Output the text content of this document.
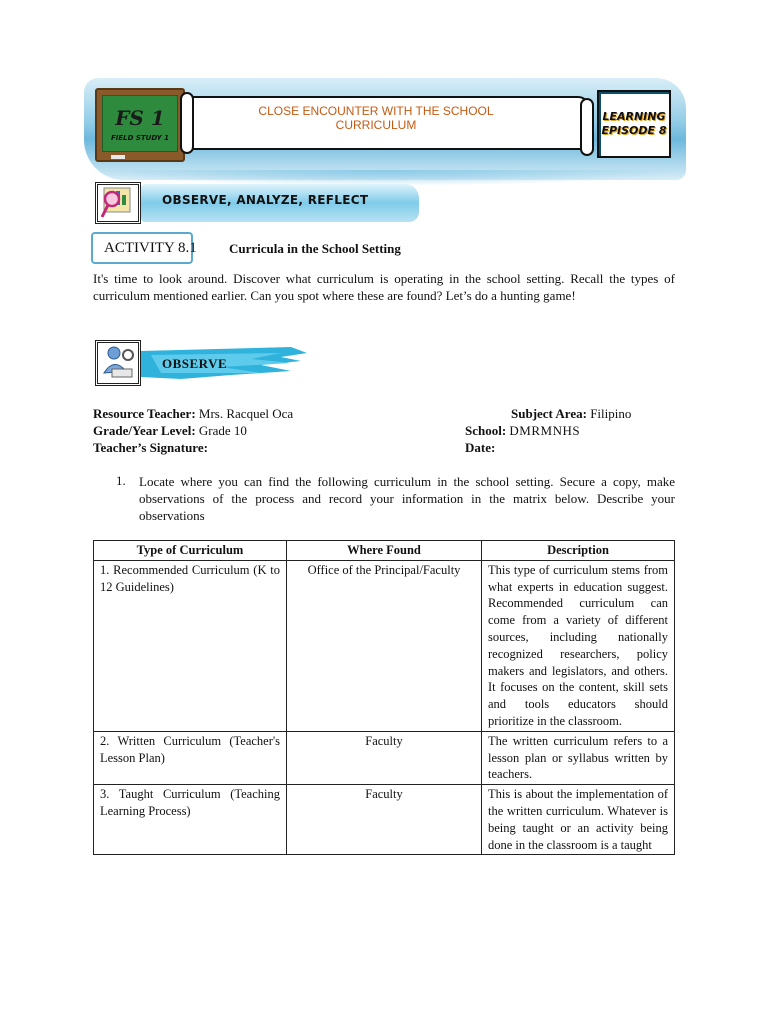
FS 1
FIELD STUDY 1
CLOSE ENCOUNTER WITH THE SCHOOL CURRICULUM
LEARNING
EPISODE 8
OBSERVE, ANALYZE, REFLECT
ACTIVITY 8.1 Curricula in the School Setting
It's time to look around. Discover what curriculum is operating in the school setting. Recall the types of curriculum mentioned earlier. Can you spot where these are found? Let’s do a hunting game!
OBSERVE
Resource Teacher: Mrs. Racquel Oca	Subject Area: Filipino
Grade/Year Level: Grade 10	School: DMRMNHS
Teacher’s Signature:	Date:
1. Locate where you can find the following curriculum in the school setting. Secure a copy, make observations of the process and record your information in the matrix below. Describe your observations
Type of Curriculum	Where Found	Description
1. Recommended Curriculum (K to 12 Guidelines)	Office of the Principal/Faculty	This type of curriculum stems from what experts in education suggest. Recommended curriculum can come from a variety of different sources, including nationally recognized researchers, policy makers and legislators, and others. It focuses on the content, skill sets and tools educators should prioritize in the classroom.
2. Written Curriculum (Teacher's Lesson Plan)	Faculty	The written curriculum refers to a lesson plan or syllabus written by teachers.
3. Taught Curriculum (Teaching Learning Process)	Faculty	This is about the implementation of the written curriculum. Whatever is being taught or an activity being done in the classroom is a taught
